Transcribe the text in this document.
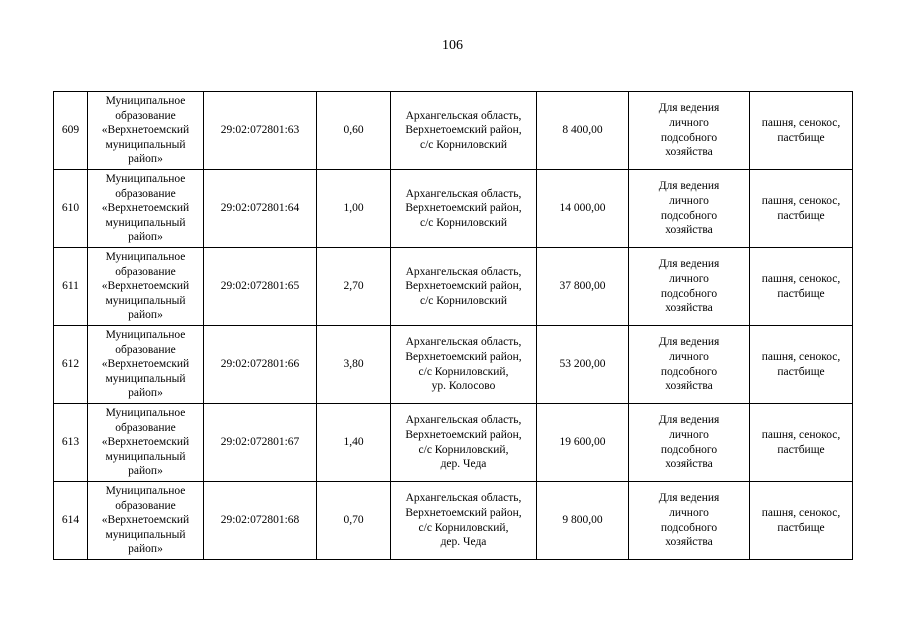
106
609	Муниципальное
образование
«Верхнетоемский
муниципальный
райоп»	29:02:072801:63	0,60	Архангельская область,
Верхнетоемский район,
с/с Корниловский	8 400,00	Для ведения
личного
подсобного
хозяйства	пашня, сенокос,
пастбище
610	Муниципальное
образование
«Верхнетоемский
муниципальный
райоп»	29:02:072801:64	1,00	Архангельская область,
Верхнетоемский район,
с/с Корниловский	14 000,00	Для ведения
личного
подсобного
хозяйства	пашня, сенокос,
пастбище
611	Муниципальное
образование
«Верхнетоемский
муниципальный
райоп»	29:02:072801:65	2,70	Архангельская область,
Верхнетоемский район,
с/с Корниловский	37 800,00	Для ведения
личного
подсобного
хозяйства	пашня, сенокос,
пастбище
612	Муниципальное
образование
«Верхнетоемский
муниципальный
райоп»	29:02:072801:66	3,80	Архангельская область,
Верхнетоемский район,
с/с Корниловский,
ур. Колосово	53 200,00	Для ведения
личного
подсобного
хозяйства	пашня, сенокос,
пастбище
613	Муниципальное
образование
«Верхнетоемский
муниципальный
райоп»	29:02:072801:67	1,40	Архангельская область,
Верхнетоемский район,
с/с Корниловский,
дер. Чеда	19 600,00	Для ведения
личного
подсобного
хозяйства	пашня, сенокос,
пастбище
614	Муниципальное
образование
«Верхнетоемский
муниципальный
райоп»	29:02:072801:68	0,70	Архангельская область,
Верхнетоемский район,
с/с Корниловский,
дер. Чеда	9 800,00	Для ведения
личного
подсобного
хозяйства	пашня, сенокос,
пастбище
